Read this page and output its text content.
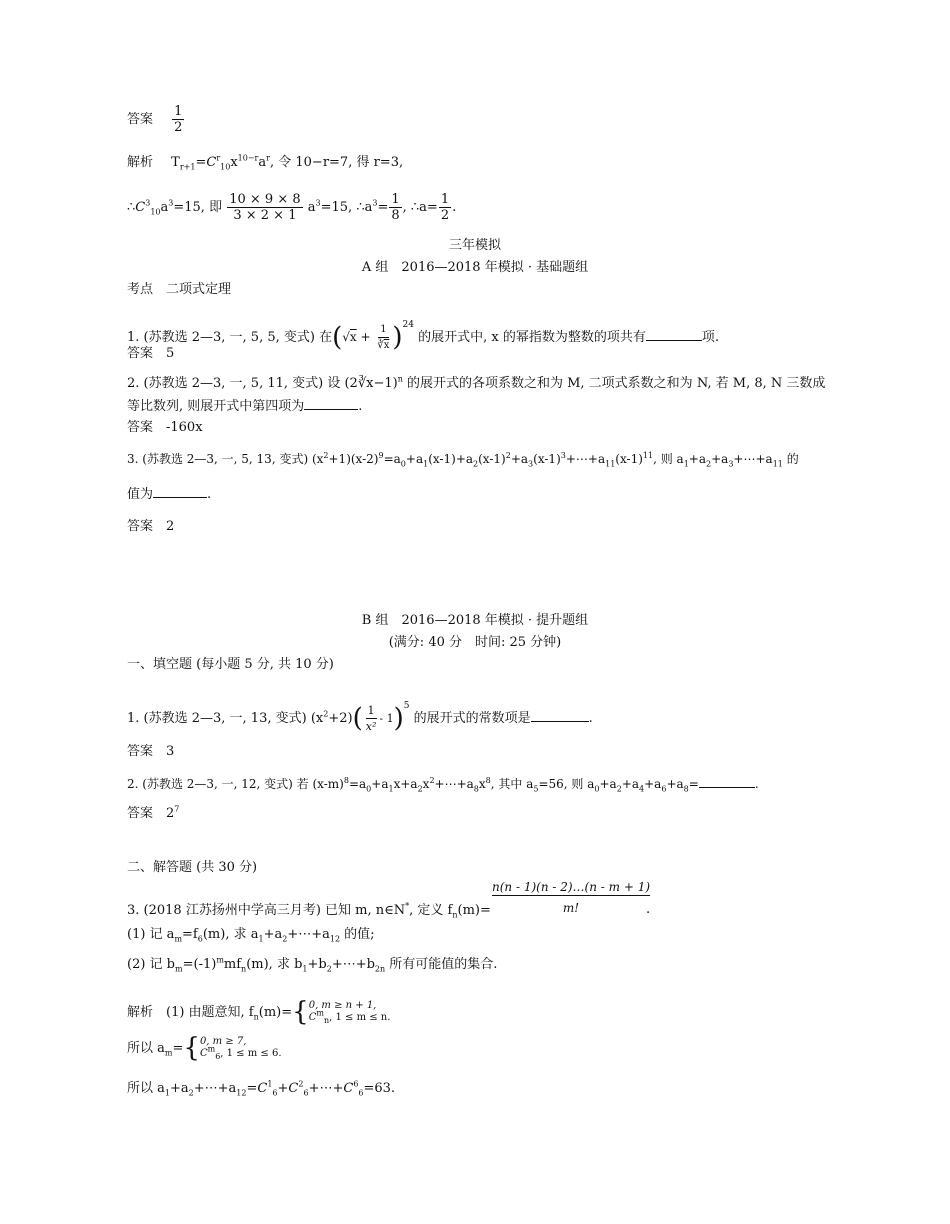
答案 $\frac{1}{2}$
解析 $T_{r+1}=C^r_{10}x^{10-r}a^r$, 令 10−r=7, 得 r=3,
$\therefore C^3_{10}a^3=15$, 即 $\frac{10 \times 9 \times 8}{3 \times 2 \times 1} a^3=15$, $\therefore a^3= \frac{1}{8}$ , ∴a= $\frac{1}{2}$ .
三年模拟
A 组　2016—2018 年模拟 · 基础题组
考点　二项式定理
1. (苏教选 2—3, 一, 5, 5, 变式) 在$(√x + \frac{1}{∛\overline{x}} )^{24}$ 的展开式中, x 的幂指数为整数的项共有	项.
答案　5
2. (苏教选 2—3, 一, 5, 11, 变式) 设 (2∛x−1)$^n$ 的展开式的各项系数之和为 M, 二项式系数之和为 N, 若 M, 8, N 三数成
等比数列, 则展开式中第四项为	.
答案　-160x
3. (苏教选 2—3, 一, 5, 13, 变式) $(x^2+1)(x-2)^9=a_0+a_1(x-1)+a_2(x-1)^2+a_3(x-1)^3+\cdots+a_{11}(x-1)^{11}$, 则 $a_1+a_2+a_3+\cdots+a_{11}$ 的
值为	.
答案　2
B 组　2016—2018 年模拟 · 提升题组
(满分: 40 分　时间: 25 分钟)
一、填空题 (每小题 5 分, 共 10 分)
1. (苏教选 2—3, 一, 13, 变式) $(x^2+2)( \frac{1}{\text{x²}} - 1)^5$ 的展开式的常数项是	.
答案　3
2. (苏教选 2—3, 一, 12, 变式) 若 $(x-m)^8=a_0+a_1x+a_2x^2+\cdots+a_8x^8$, 其中 $a_5=56$, 则 $a_0+a_2+a_4+a_6+a_8=$	.
答案　$2^7$
二、解答题 (共 30 分)
n(n - 1)(n - 2)…(n - m + 1)
m!	.
3. (2018 江苏扬州中学高三月考) 已知 m, n∈N*, 定义 $f_n(m)=$
(1) 记 $a_m=f_6(m)$, 求 $a_1+a_2+\cdots+a_{12}$ 的值;
(2) 记 $b_m=(-1)^mmf_n(m)$, 求 $b_1+b_2+\cdots+b_{2n}$ 所有可能值的集合.
解析　(1) 由题意知, $f_n(m)=${ 0, m ≥ n + 1,
$C^m_n$, 1 ≤ m ≤ n.
所以 $a_m=${ 0, m ≥ 7,
$C^m_6$, 1 ≤ m ≤ 6.
所以 $a_1+a_2+\cdots+a_{12}=C^1_6+C^2_6+\cdots+C^6_6=63$.
